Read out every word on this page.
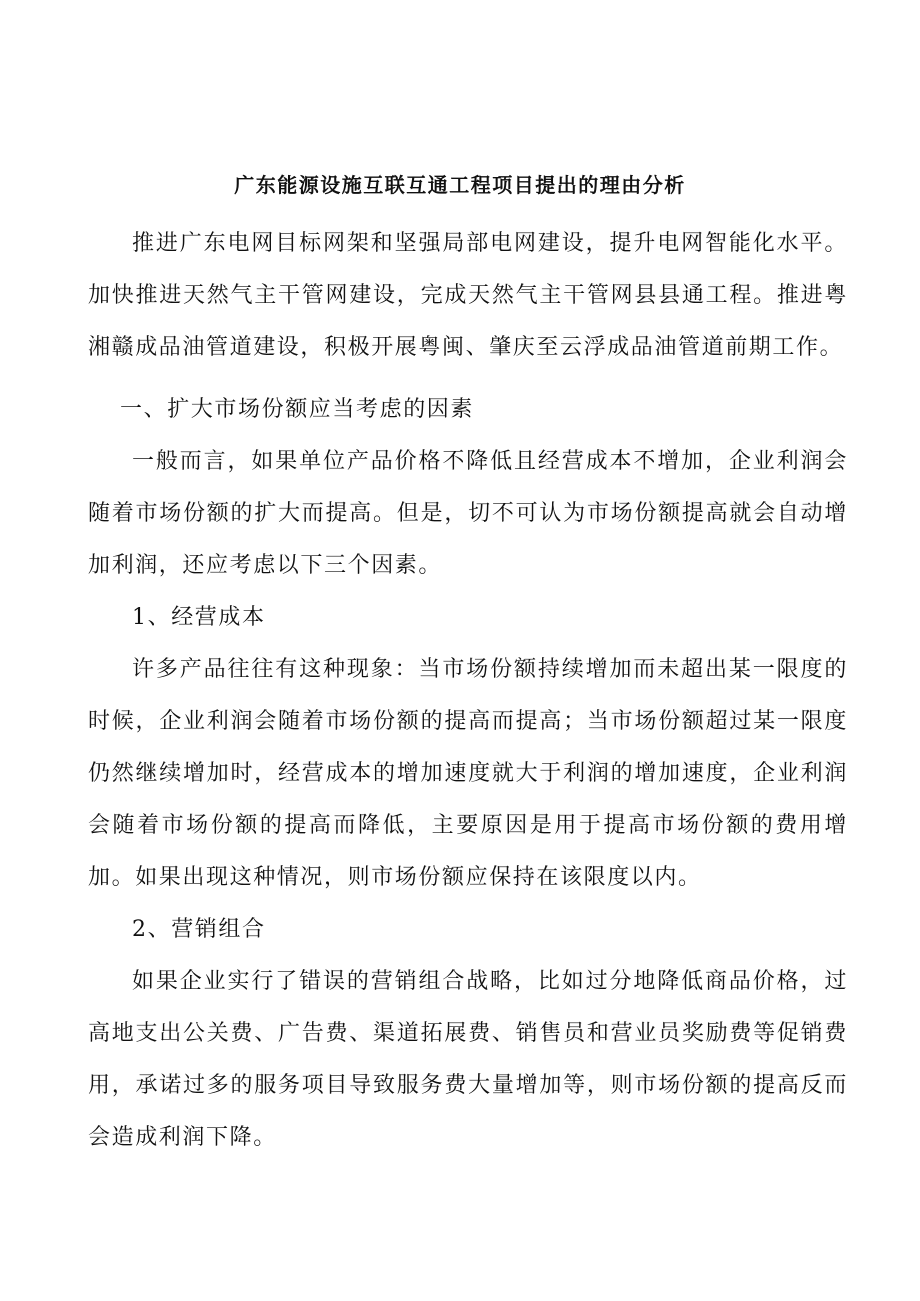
广东能源设施互联互通工程项目提出的理由分析

推进广东电网目标网架和坚强局部电网建设，提升电网智能化水平。加快推进天然气主干管网建设，完成天然气主干管网县县通工程。推进粤湘赣成品油管道建设，积极开展粤闽、肇庆至云浮成品油管道前期工作。

一、扩大市场份额应当考虑的因素

一般而言，如果单位产品价格不降低且经营成本不增加，企业利润会随着市场份额的扩大而提高。但是，切不可认为市场份额提高就会自动增加利润，还应考虑以下三个因素。

1、经营成本

许多产品往往有这种现象：当市场份额持续增加而未超出某一限度的时候，企业利润会随着市场份额的提高而提高；当市场份额超过某一限度仍然继续增加时，经营成本的增加速度就大于利润的增加速度，企业利润会随着市场份额的提高而降低，主要原因是用于提高市场份额的费用增加。如果出现这种情况，则市场份额应保持在该限度以内。

2、营销组合

如果企业实行了错误的营销组合战略，比如过分地降低商品价格，过高地支出公关费、广告费、渠道拓展费、销售员和营业员奖励费等促销费用，承诺过多的服务项目导致服务费大量增加等，则市场份额的提高反而会造成利润下降。
